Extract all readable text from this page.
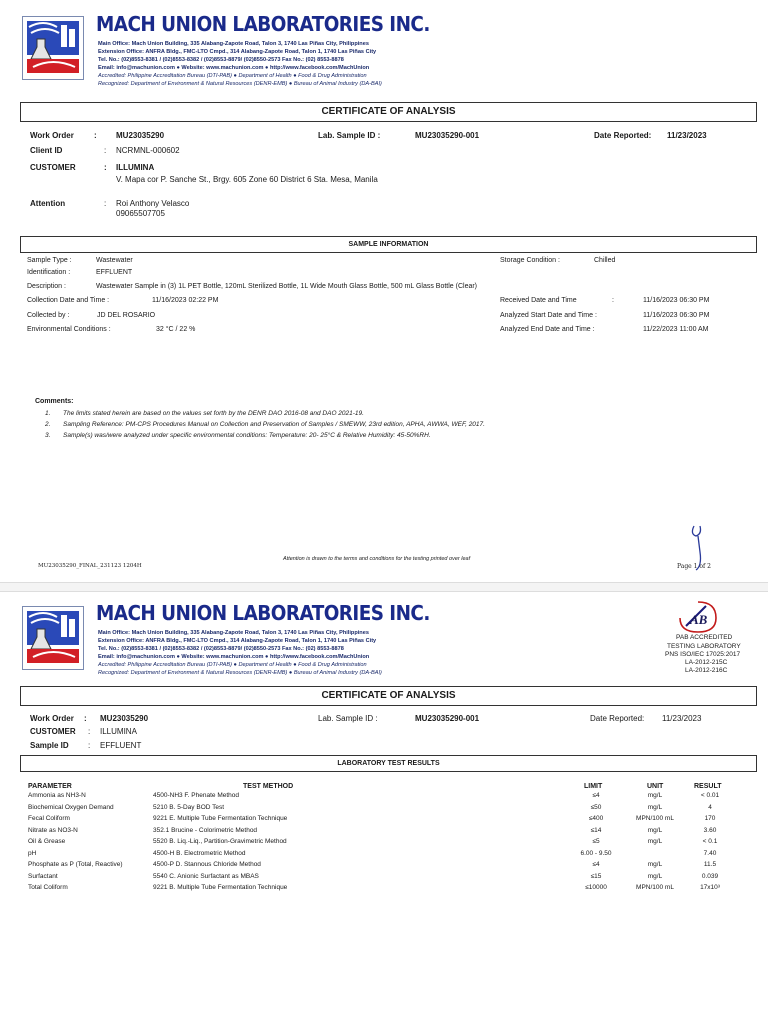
MACH UNION LABORATORIES INC.
Main Office: Mach Union Building, 335 Alabang-Zapote Road, Talon 3, 1740 Las Piñas City, Philippines
Extension Office: ANFRA Bldg., FMC-LTO Cmpd., 314 Alabang-Zapote Road, Talon 1, 1740 Las Piñas City
Tel. No.: (02)8553-8381 / (02)8553-8382 / (02)8553-8879/ (02)8550-2573 Fax No.: (02) 8553-8878
Email: info@machunion.com ● Website: www.machunion.com ● http://www.facebook.com/MachUnion
Accredited: Philippine Accreditation Bureau (DTI-PAB) ● Department of Health ● Food & Drug Administration
Recognized: Department of Environment & Natural Resources (DENR-EMB) ● Bureau of Animal Industry (DA-BAI)
CERTIFICATE OF ANALYSIS
Work Order	: MU23035290	Lab. Sample ID :	MU23035290-001	Date Reported: 11/23/2023
Client ID	: NCRMNL-000602
CUSTOMER	: ILLUMINA
V. Mapa cor P. Sanche St., Brgy. 605 Zone 60 District 6 Sta. Mesa, Manila
Attention	: Roi Anthony Velasco
09065507705
SAMPLE INFORMATION
Sample Type :	Wastewater	Storage Condition :	Chilled
Identification :	EFFLUENT
Description :	Wastewater Sample in (3) 1L PET Bottle, 120mL Sterilized Bottle, 1L Wide Mouth Glass Bottle, 500 mL Glass Bottle (Clear)
Collection Date and Time :	11/16/2023 02:22 PM	Received Date and Time	:	11/16/2023 06:30 PM
Collected by :	JD DEL ROSARIO	Analyzed Start Date and Time :	11/16/2023 06:30 PM
Environmental Conditions :	32 °C / 22 %	Analyzed End Date and Time :	11/22/2023 11:00 AM
Comments:
1. The limits stated herein are based on the values set forth by the DENR DAO 2016-08 and DAO 2021-19.
2. Sampling Reference: PM-CPS Procedures Manual on Collection and Preservation of Samples / SMEWW, 23rd edition, APHA, AWWA, WEF, 2017.
3. Sample(s) was/were analyzed under specific environmental conditions: Temperature: 20- 25°C & Relative Humidity: 45-50%RH.
Attention is drawn to the terms and conditions for the testing printed over leaf
MU23035290_FINAL_231123 1204H	Page 1 of 2
MACH UNION LABORATORIES INC.
Main Office: Mach Union Building, 335 Alabang-Zapote Road, Talon 3, 1740 Las Piñas City, Philippines
Extension Office: ANFRA Bldg., FMC-LTO Cmpd., 314 Alabang-Zapote Road, Talon 1, 1740 Las Piñas City
Tel. No.: (02)8553-8381 / (02)8553-8382 / (02)8553-8879/ (02)8550-2573 Fax No.: (02) 8553-8878
Email: info@machunion.com ● Website: www.machunion.com ● http://www.facebook.com/MachUnion
Accredited: Philippine Accreditation Bureau (DTI-PAB) ● Department of Health ● Food & Drug Administration
Recognized: Department of Environment & Natural Resources (DENR-EMB) ● Bureau of Animal Industry (DA-BAI)
AB
PAB ACCREDITED
TESTING LABORATORY
PNS ISO/IEC 17025:2017
LA-2012-215C
LA-2012-216C
CERTIFICATE OF ANALYSIS
Work Order : MU23035290	Lab. Sample ID :	MU23035290-001	Date Reported: 11/23/2023
CUSTOMER : ILLUMINA
Sample ID : EFFLUENT
LABORATORY TEST RESULTS
PARAMETER	TEST METHOD	LIMIT	UNIT	RESULT
Ammonia as NH3-N	4500-NH3 F. Phenate Method	≤4	mg/L	< 0.01
Biochemical Oxygen Demand	5210 B. 5-Day BOD Test	≤50	mg/L	4
Fecal Coliform	9221 E. Multiple Tube Fermentation Technique	≤400	MPN/100 mL	170
Nitrate as NO3-N	352.1 Brucine - Colorimetric Method	≤14	mg/L	3.60
Oil & Grease	5520 B. Liq.-Liq., Partition-Gravimetric Method	≤5	mg/L	< 0.1
pH	4500-H B. Electrometric Method	6.00 - 9.50	7.40
Phosphate as P (Total, Reactive)	4500-P D. Stannous Chloride Method	≤4	mg/L	11.5
Surfactant	5540 C. Anionic Surfactant as MBAS	≤15	mg/L	0.039
Total Coliform	9221 B. Multiple Tube Fermentation Technique	≤10000	MPN/100 mL	17x10³
